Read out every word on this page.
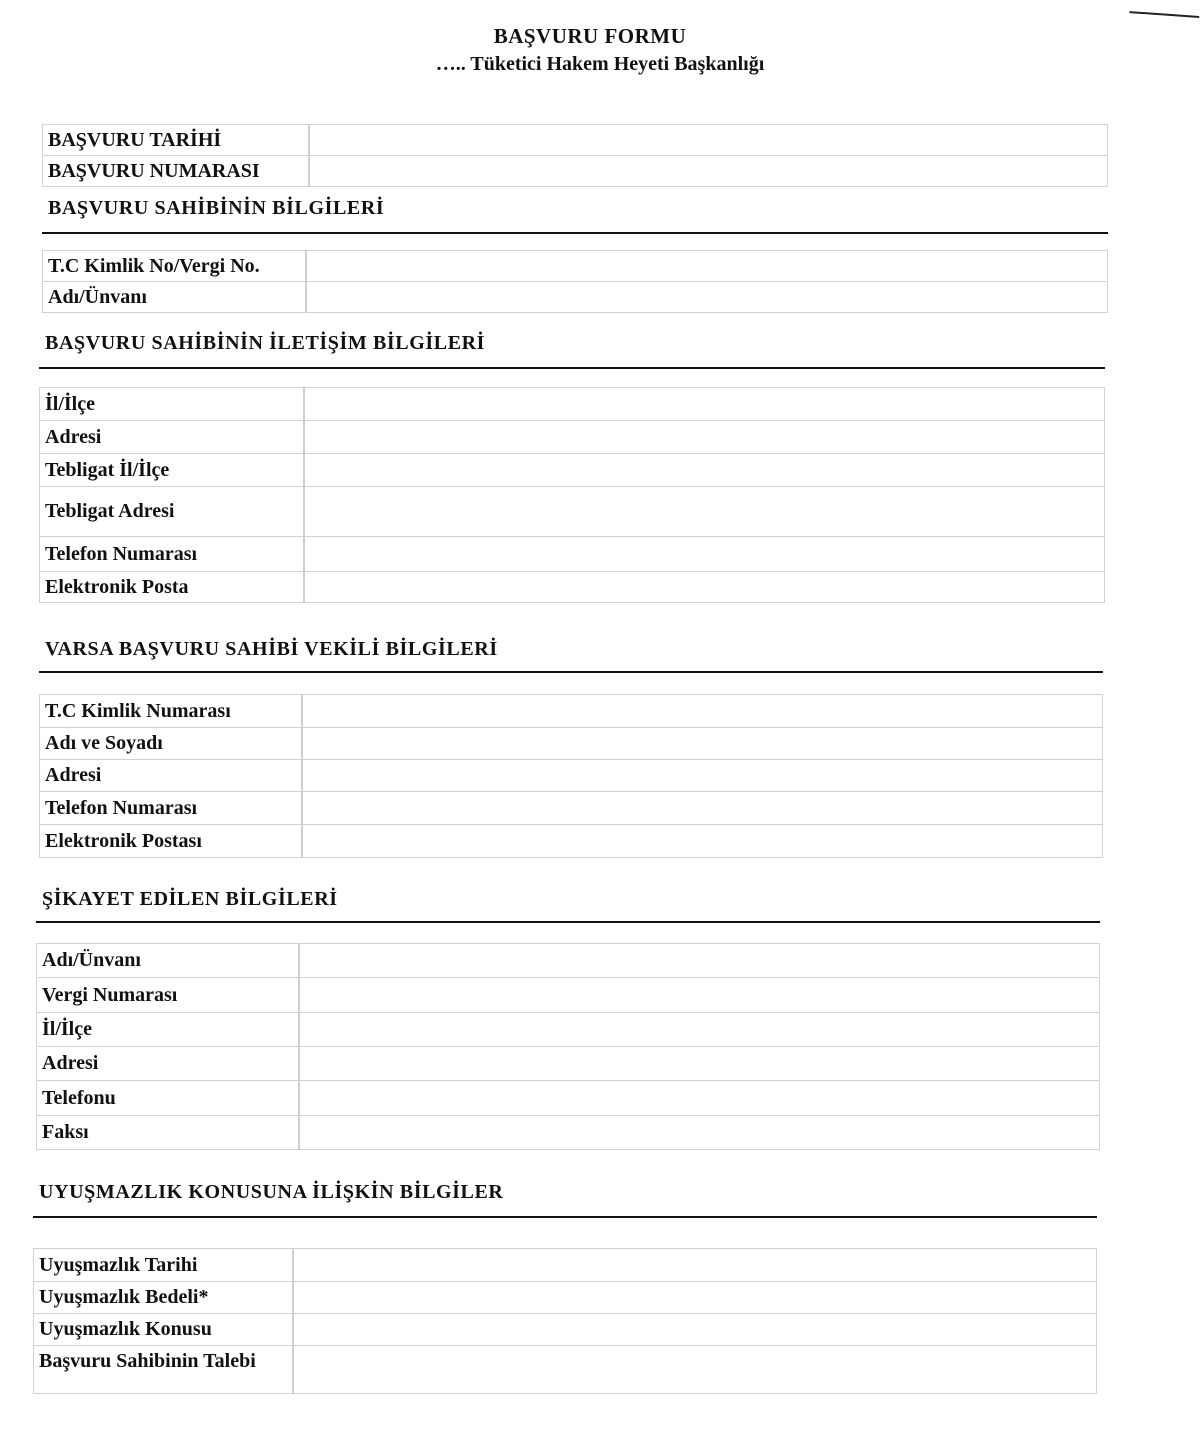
BAŞVURU FORMU
….. Tüketici Hakem Heyeti Başkanlığı
BAŞVURU TARİHİ	
BAŞVURU NUMARASI	
BAŞVURU SAHİBİNİN BİLGİLERİ
T.C Kimlik No/Vergi No.	
Adı/Ünvanı	
BAŞVURU SAHİBİNİN İLETİŞİM BİLGİLERİ
İl/İlçe	
Adresi	
Tebligat İl/İlçe	
Tebligat Adresi	
Telefon Numarası	
Elektronik Posta	
VARSA BAŞVURU SAHİBİ VEKİLİ BİLGİLERİ
T.C Kimlik Numarası	
Adı ve Soyadı	
Adresi	
Telefon Numarası	
Elektronik Postası	
ŞİKAYET EDİLEN BİLGİLERİ
Adı/Ünvanı	
Vergi Numarası	
İl/İlçe	
Adresi	
Telefonu	
Faksı	
UYUŞMAZLIK KONUSUNA İLİŞKİN BİLGİLER
Uyuşmazlık Tarihi	
Uyuşmazlık Bedeli*	
Uyuşmazlık Konusu	
Başvuru Sahibinin Talebi	
